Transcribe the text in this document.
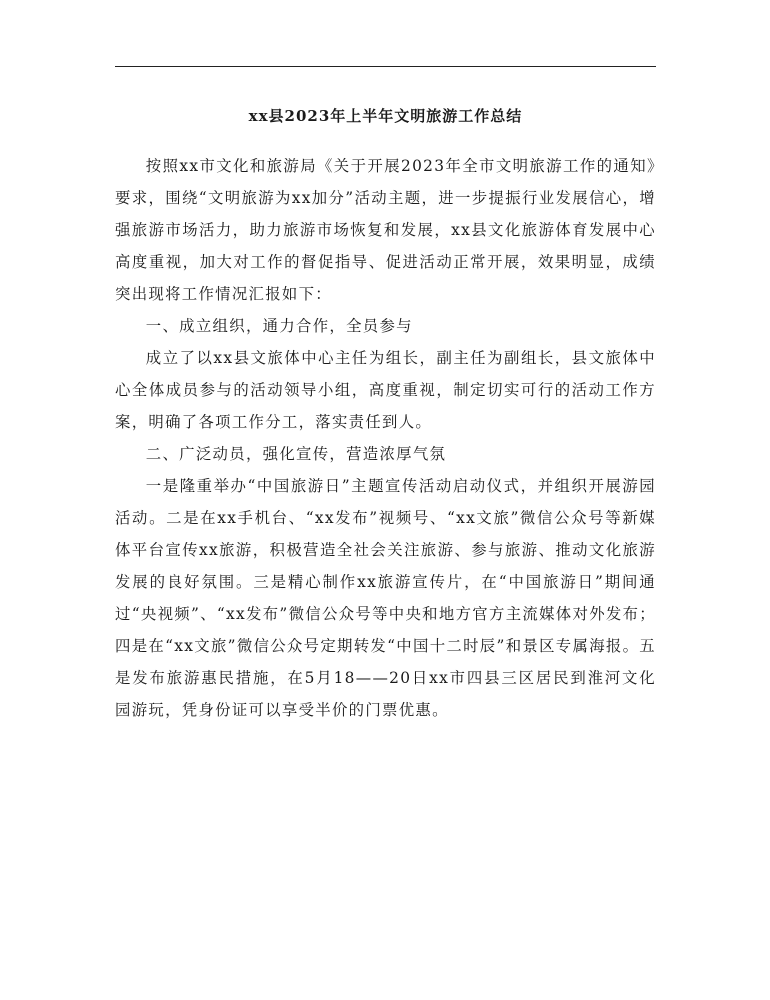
xx县2023年上半年文明旅游工作总结

按照xx市文化和旅游局《关于开展2023年全市文明旅游工作的通知》要求，围绕“文明旅游为xx加分”活动主题，进一步提振行业发展信心，增强旅游市场活力，助力旅游市场恢复和发展，xx县文化旅游体育发展中心高度重视，加大对工作的督促指导、促进活动正常开展，效果明显，成绩突出现将工作情况汇报如下：

一、成立组织，通力合作，全员参与

成立了以xx县文旅体中心主任为组长，副主任为副组长，县文旅体中心全体成员参与的活动领导小组，高度重视，制定切实可行的活动工作方案，明确了各项工作分工，落实责任到人。

二、广泛动员，强化宣传，营造浓厚气氛

一是隆重举办“中国旅游日”主题宣传活动启动仪式，并组织开展游园活动。二是在xx手机台、“xx发布”视频号、“xx文旅”微信公众号等新媒体平台宣传xx旅游，积极营造全社会关注旅游、参与旅游、推动文化旅游发展的良好氛围。三是精心制作xx旅游宣传片，在“中国旅游日”期间通过“央视频”、“xx发布”微信公众号等中央和地方官方主流媒体对外发布；四是在“xx文旅”微信公众号定期转发“中国十二时辰”和景区专属海报。五是发布旅游惠民措施，在5月18——20日xx市四县三区居民到淮河文化园游玩，凭身份证可以享受半价的门票优惠。
